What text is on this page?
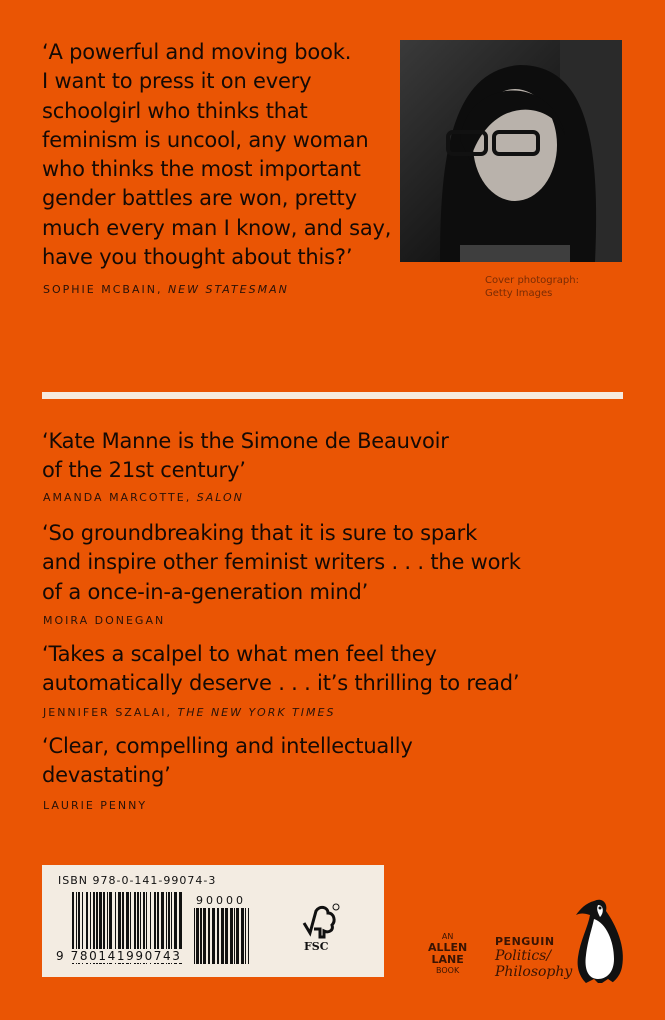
‘A powerful and moving book.
I want to press it on every
schoolgirl who thinks that
feminism is uncool, any woman
who thinks the most important
gender battles are won, pretty
much every man I know, and say,
have you thought about this?’
SOPHIE MCBAIN, NEW STATESMAN
Cover photograph:
Getty Images
‘Kate Manne is the Simone de Beauvoir
of the 21st century’
AMANDA MARCOTTE, SALON
‘So groundbreaking that it is sure to spark
and inspire other feminist writers . . . the work
of a once-in-a-generation mind’
MOIRA DONEGAN
‘Takes a scalpel to what men feel they
automatically deserve . . . it’s thrilling to read’
JENNIFER SZALAI, THE NEW YORK TIMES
‘Clear, compelling and intellectually
devastating’
LAURIE PENNY
ISBN 978-0-141-99074-3
9 780141990743
90000
FSC
AN
ALLEN
LANE
BOOK
PENGUIN
Politics/
Philosophy
